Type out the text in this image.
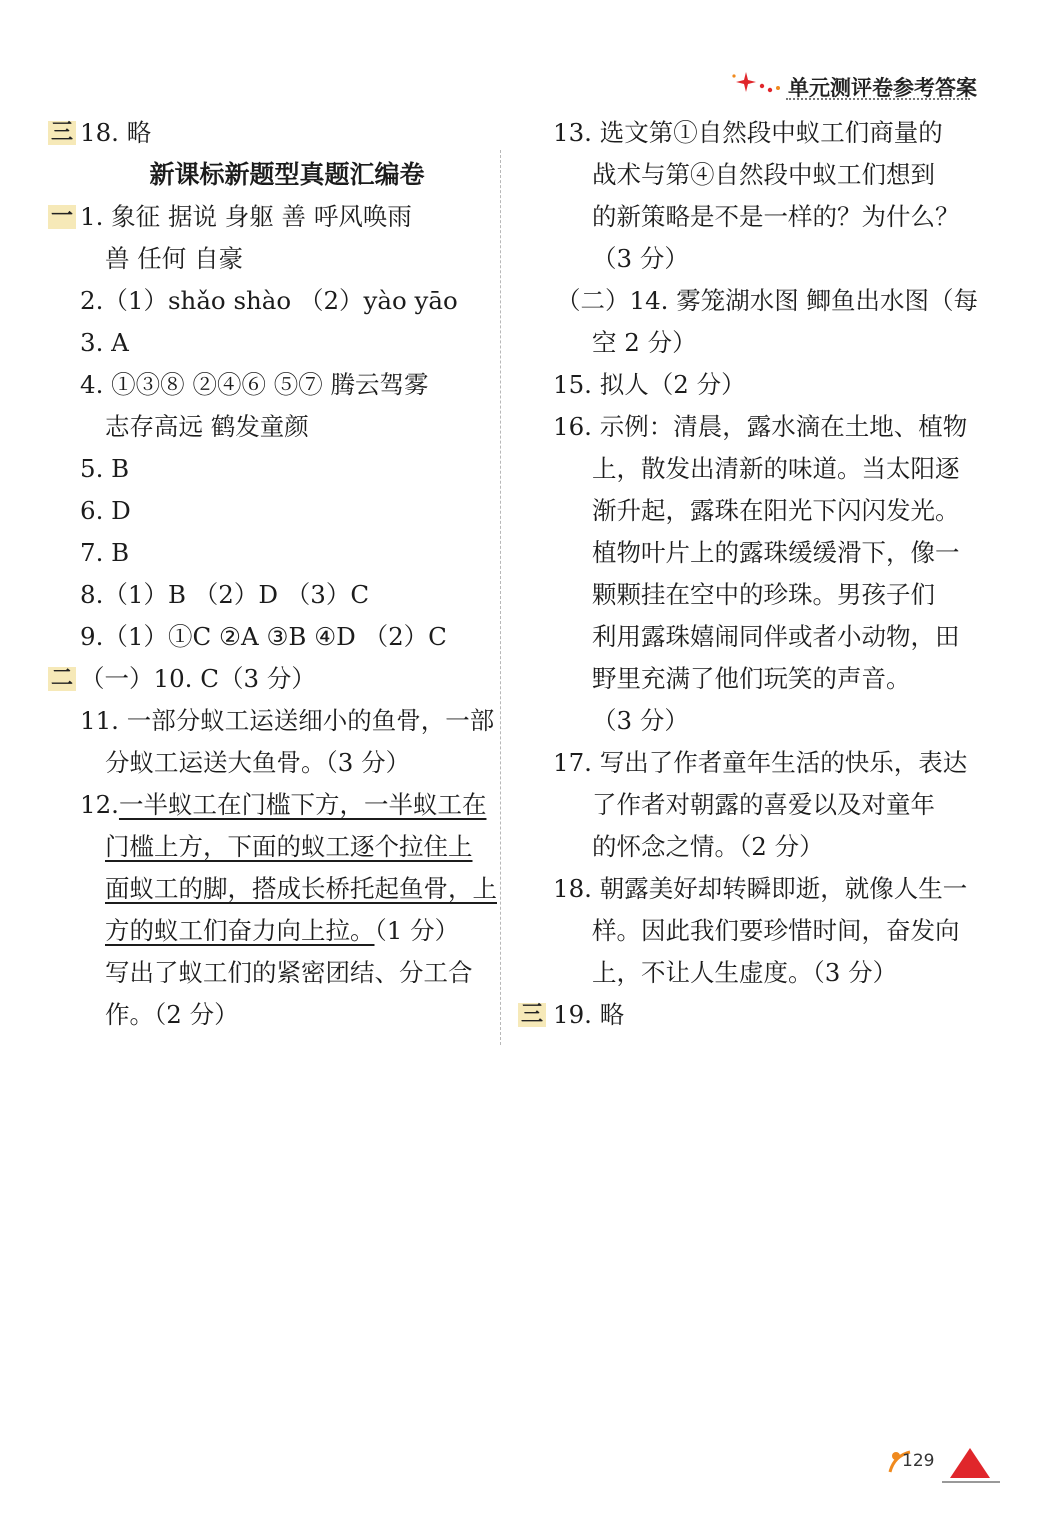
单元测评卷参考答案
三 18. 略
新课标新题型真题汇编卷
一 1. 象征 据说 身躯 善 呼风唤雨
兽 任何 自豪
2.（1）shǎo shào （2）yào yāo
3. A
4. ①③⑧ ②④⑥ ⑤⑦ 腾云驾雾
志存高远 鹤发童颜
5. B
6. D
7. B
8.（1）B （2）D （3）C
9.（1）①C ②A ③B ④D （2）C
二 （一）10. C（3 分）
11. 一部分蚁工运送细小的鱼骨，一部
分蚁工运送大鱼骨。（3 分）
12.一半蚁工在门槛下方，一半蚁工在
门槛上方，下面的蚁工逐个拉住上
面蚁工的脚，搭成长桥托起鱼骨，上
方的蚁工们奋力向上拉。（1 分）
写出了蚁工们的紧密团结、分工合
作。（2 分）
13. 选文第①自然段中蚁工们商量的
战术与第④自然段中蚁工们想到
的新策略是不是一样的？为什么？
（3 分）
（二）14. 雾笼湖水图 鲫鱼出水图（每
空 2 分）
15. 拟人（2 分）
16. 示例：清晨，露水滴在土地、植物
上，散发出清新的味道。当太阳逐
渐升起，露珠在阳光下闪闪发光。
植物叶片上的露珠缓缓滑下，像一
颗颗挂在空中的珍珠。男孩子们
利用露珠嬉闹同伴或者小动物，田
野里充满了他们玩笑的声音。
（3 分）
17. 写出了作者童年生活的快乐，表达
了作者对朝露的喜爱以及对童年
的怀念之情。（2 分）
18. 朝露美好却转瞬即逝，就像人生一
样。因此我们要珍惜时间，奋发向
上，不让人生虚度。（3 分）
三 19. 略
129
